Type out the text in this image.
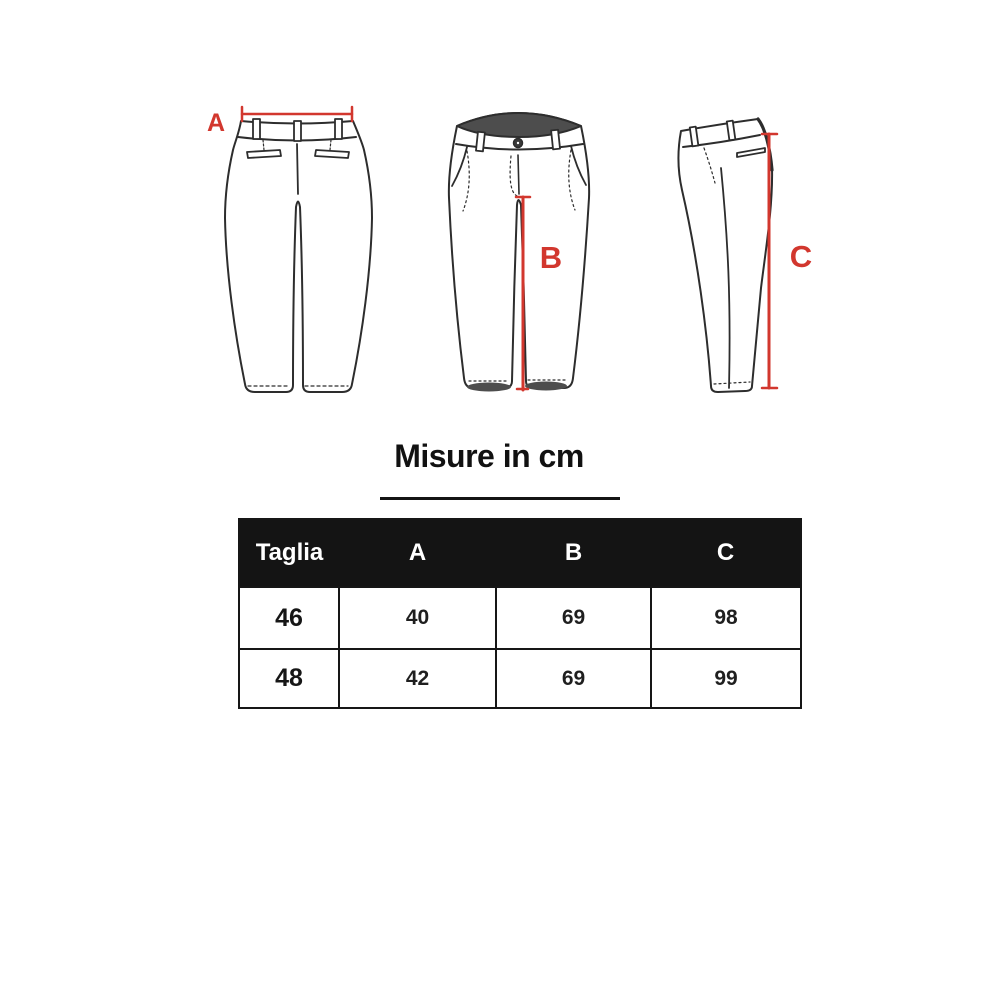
A
B	C
Misure in cm
Taglia	A	B	C
46	40	69	98
48	42	69	99
